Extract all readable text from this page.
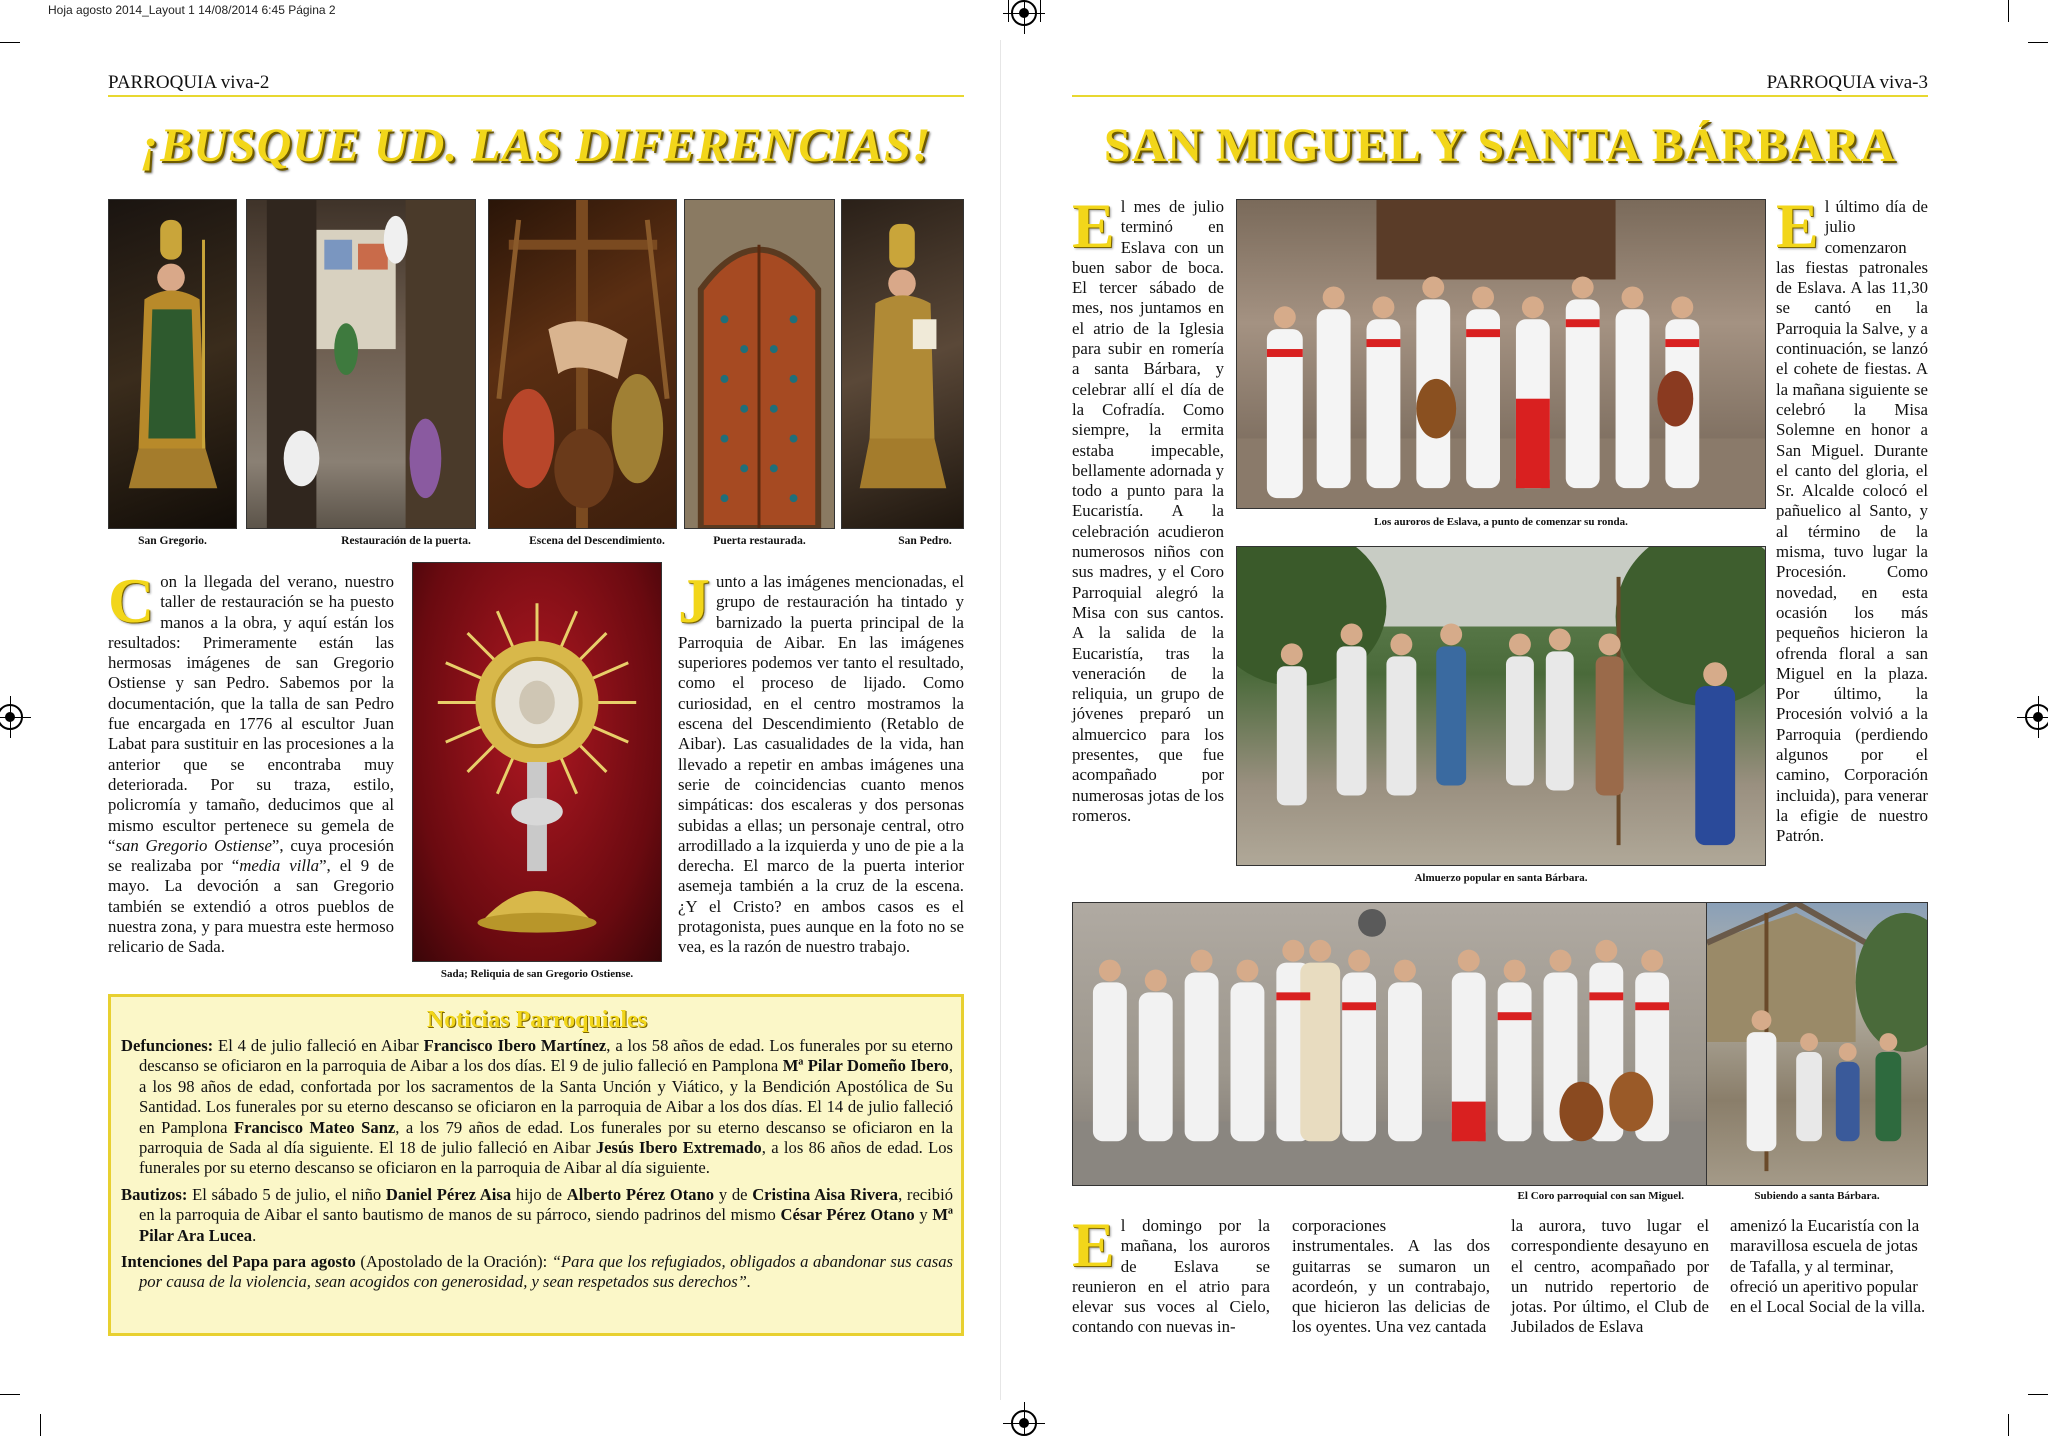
Hoja agosto 2014_Layout 1 14/08/2014 6:45 Página 2
PARROQUIA viva-2
¡BUSQUE UD. LAS DIFERENCIAS!
San Gregorio.	Restauración de la puerta.	Escena del Descendimiento.	Puerta restaurada.	San Pedro.
Con la llegada del verano, nuestro taller de restauración se ha puesto manos a la obra, y aquí están los resultados: Primeramente están las hermosas imágenes de san Gregorio Ostiense y san Pedro. Sabemos por la documentación, que la talla de san Pedro fue encargada en 1776 al escultor Juan Labat para sustituir en las procesiones a la anterior que se encontraba muy deteriorada. Por su traza, estilo, policromía y tamaño, deducimos que al mismo escultor pertenece su gemela de “san Gregorio Ostiense”, cuya procesión se realizaba por “media villa”, el 9 de mayo. La devoción a san Gregorio también se extendió a otros pueblos de nuestra zona, y para muestra este hermoso relicario de Sada.
Sada; Reliquia de san Gregorio Ostiense.
Junto a las imágenes mencionadas, el grupo de restauración ha tintado y barnizado la puerta principal de la Parroquia de Aibar. En las imágenes superiores podemos ver tanto el resultado, como el proceso de lijado. Como curiosidad, en el centro mostramos la escena del Descendimiento (Retablo de Aibar). Las casualidades de la vida, han llevado a repetir en ambas imágenes una serie de coincidencias cuanto menos simpáticas: dos escaleras y dos personas subidas a ellas; un personaje central, otro arrodillado a la izquierda y uno de pie a la derecha. El marco de la puerta interior asemeja también a la cruz de la escena. ¿Y el Cristo? en ambos casos es el protagonista, pues aunque en la foto no se vea, es la razón de nuestro trabajo.
Noticias Parroquiales

Defunciones: El 4 de julio falleció en Aibar Francisco Ibero Martínez, a los 58 años de edad. Los funerales por su eterno descanso se oficiaron en la parroquia de Aibar a los dos días. El 9 de julio falleció en Pamplona Mª Pilar Domeño Ibero, a los 98 años de edad, confortada por los sacramentos de la Santa Unción y Viático, y la Bendición Apostólica de Su Santidad. Los funerales por su eterno descanso se oficiaron en la parroquia de Aibar a los dos días. El 14 de julio falleció en Pamplona Francisco Mateo Sanz, a los 79 años de edad. Los funerales por su eterno descanso se oficiaron en la parroquia de Sada al día siguiente. El 18 de julio falleció en Aibar Jesús Ibero Extremado, a los 86 años de edad. Los funerales por su eterno descanso se oficiaron en la parroquia de Aibar al día siguiente.

Bautizos: El sábado 5 de julio, el niño Daniel Pérez Aisa hijo de Alberto Pérez Otano y de Cristina Aisa Rivera, recibió en la parroquia de Aibar el santo bautismo de manos de su párroco, siendo padrinos del mismo César Pérez Otano y Mª Pilar Ara Lucea.

Intenciones del Papa para agosto (Apostolado de la Oración): “Para que los refugiados, obligados a abandonar sus casas por causa de la violencia, sean acogidos con generosidad, y sean respetados sus derechos”.

PARROQUIA viva-3
SAN MIGUEL Y SANTA BÁRBARA
El mes de julio terminó en Eslava con un buen sabor de boca. El tercer sábado de mes, nos juntamos en el atrio de la Iglesia para subir en romería a santa Bárbara, y celebrar allí el día de la Cofradía. Como siempre, la ermita estaba impecable, bellamente adornada y todo a punto para la Eucaristía. A la celebración acudieron numerosos niños con sus madres, y el Coro Parroquial alegró la Misa con sus cantos. A la salida de la Eucaristía, tras la veneración de la reliquia, un grupo de jóvenes preparó un almuercico para los presentes, que fue acompañado por numerosas jotas de los romeros.
Los auroros de Eslava, a punto de comenzar su ronda.
Almuerzo popular en santa Bárbara.
El último día de julio comenzaron las fiestas patronales de Eslava. A las 11,30 se cantó en la Parroquia la Salve, y a continuación, se lanzó el cohete de fiestas. A la mañana siguiente se celebró la Misa Solemne en honor a San Miguel. Durante el canto del gloria, el Sr. Alcalde colocó el pañuelico al Santo, y al término de la misma, tuvo lugar la Procesión. Como novedad, en esta ocasión los más pequeños hicieron la ofrenda floral a san Miguel en la plaza. Por último, la Procesión volvió a la Parroquia (perdiendo algunos por el camino, Corporación incluida), para venerar la efigie de nuestro Patrón.
El Coro parroquial con san Miguel.	Subiendo a santa Bárbara.
El domingo por la mañana, los auroros de Eslava se reunieron en el atrio para elevar sus voces al Cielo, contando con nuevas in-
corporaciones instrumentales. A las dos guitarras se sumaron un acordeón, y un contrabajo, que hicieron las delicias de los oyentes. Una vez cantada
la aurora, tuvo lugar el correspondiente desayuno en el centro, acompañado por un nutrido repertorio de jotas. Por último, el Club de Jubilados de Eslava
amenizó la Eucaristía con la maravillosa escuela de jotas de Tafalla, y al terminar, ofreció un aperitivo popular en el Local Social de la villa.
